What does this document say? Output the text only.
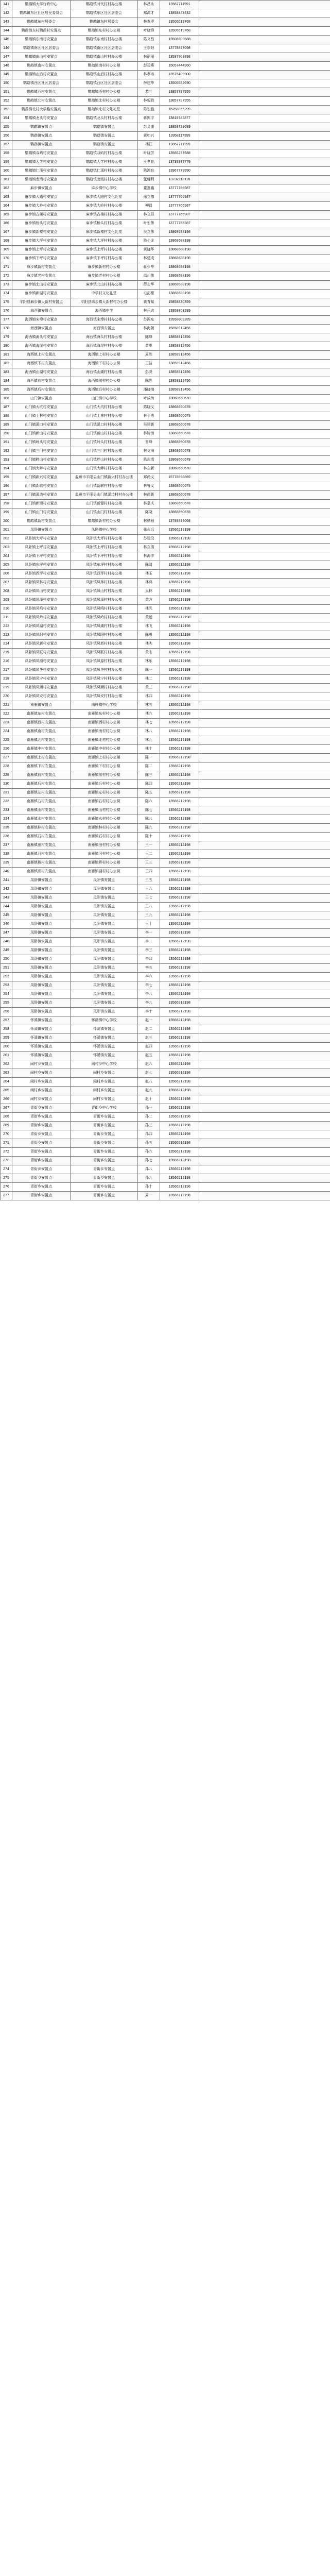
141	鹦鹉镇大学行政中心	鹦鹉镇时代村村办公楼	林昌永	13567711991	
142	鹦鹉镇东区社区居民委员会	鹦鹉镇东区社区居委会	郑鸿才	13858843432	
143	鹦鹉镇东村居委会	鹦鹉镇东村居委会	林寿罗	13506619768	
144	鹦鹉镇东村鹦鹉村安置点	鹦鹉镇东村村办公楼	叶晓锋	13506619768	
145	鹦鹉镇东南村安置点	鹦鹉镇东南村村办公楼	陈文昌	13506609588	
146	鹦鹉镇南区社区居委会	鹦鹉镇南区社区居委会	王崇阳	13778897098	
147	鹦鹉镇南山村安置点	鹦鹉镇南山村村办公楼	林丽丽	13587703898	
148	鹦鹉镇南村安置点	鹦鹉镇南村村办公楼	彭碧燕	15057444960	
149	鹦鹉镇山后村安置点	鹦鹉镇山后村村办公楼	林孝寿	13575409900	
150	鹦鹉镇西区社区居委会	鹦鹉镇西区社区居委会	薛建华	13506682690	
151	鹦鹉镇西村安置点	鹦鹉镇西村村办公楼	苏叶	13857797955	
152	鹦鹉镇北村安置点	鹦鹉镇北村村办公楼	林毅胜	13857797955	
153	鹦鹉镇北村大学路安置点	鹦鹉镇北村文化礼堂	陈宏胜	15258856299	
154	鹦鹉镇龙头村安置点	鹦鹉镇龙头村村办公楼	蒋振宇	13819785877	
155	鹦鹉镇安置点	鹦鹉镇安置点	苏义康	13858723689	
156	鹦鹉镇安置点	鹦鹉镇安置点	黄如兴	13958117399	
157	鹦鹉镇安置点	鹦鹉镇安置点	林江	13857711299	
158	鹦鹉镇双屿村安置点	鹦鹉镇双屿村村办公楼	叶晓芳	13566237688	
159	鹦鹉镇大学村安置点	鹦鹉镇大学村村办公楼	王孝良	13738399779	
160	鹦鹉镇仁溪村安置点	鹦鹉镇仁溪村村办公楼	陈鸿良	13967779990	
161	鹦鹉镇龙湾村安置点	鹦鹉镇龙湾村村办公楼	张耀利	13732113116	
162	麻步镇安置点	麻步镇中心学校	董惠鑫	13777766987	
163	麻步镇大路村安置点	麻步镇大路村文化礼堂	徐立德	13777766987	
164	麻步镇大岭村安置点	麻步镇大岭村村办公楼	柳昌	13777766987	
165	麻步镇古楼村安置点	麻步镇古楼村村办公楼	林立群	13777766987	
166	麻步镇桥头村安置点	麻步镇桥头村村办公楼	叶宏伟	13777766987	
167	麻步镇新楼村安置点	麻步镇新楼村文化礼堂	吴立伟	13868688198	
168	麻步镇大坪村安置点	麻步镇大坪村村办公楼	陈小龙	13868688198	
169	麻步镇上坪村安置点	麻步镇上坪村村办公楼	黄晓华	13868688198	
170	麻步镇下坪村安置点	麻步镇下坪村村办公楼	林建成	13868688198	
171	麻步镇新村安置点	麻步镇新村村办公楼	蒋少华	13868688198	
172	麻步镇老村安置点	麻步镇老村村办公楼	温川伟	13868688198	
173	麻步镇北山村安置点	麻步镇北山村村办公楼	薛志华	13868688198	
174	麻步镇新湖村安置点	中学村文化礼堂	毛甜甜	13868688198	
175	平阳县麻步镇大新村安置点	平阳县麻步镇大新村村办公楼	黄育斌	15858830359	
176	海西镇安置点	海西镇中学	林乐志	13958803289	
177	海西镇宋埠村安置点	海西镇宋埠村村办公楼	苏振东	13958803289	
178	海西镇安置点	海西镇安置点	林海朝	15858912456	
179	海西镇海头村安置点	海西镇海头村村办公楼	陈峰	13858912456	
180	海西镇海尾村安置点	海西镇海尾村村办公楼	黄惠	13858912456	
181	海西镇上村安置点	海西镇上村村办公楼	周胜	13858912456	
182	海西镇下村安置点	海西镇下村村办公楼	王洁	13858912456	
183	海西镇山湖村安置点	海西镇山湖村村办公楼	彭尧	13858912456	
184	海西镇前村安置点	海西镇前村村办公楼	陈光	13858912456	
185	海西镇后村安置点	海西镇后村村办公楼	潘晓海	13858912456	
186	山门镇安置点	山门镇中心学校	叶成海	13868660678	
187	山门镇大坑村安置点	山门镇大坑村村办公楼	陈晓义	13868660678	
188	山门镇上林村安置点	山门镇上林村村办公楼	林小勇	13868660678	
189	山门镇溪口村安置点	山门镇溪口村村办公楼	吴建新	13868660678	
190	山门镇新山村安置点	山门镇新山村村办公楼	林陈海	13868660678	
191	山门镇岭头村安置点	山门镇岭头村村办公楼	曾峰	13868660678	
192	山门镇三门村安置点	山门镇三门村村办公楼	林文海	13868660678	
193	山门镇畔山村安置点	山门镇畔山村村办公楼	陈志清	13868660678	
194	山门镇大畔村安置点	山门镇大畔村村办公楼	林立新	13868660678	
195	山门镇新兴村安置点	温州市平阳县山门镇新兴村村办公楼	郑尚义	15778898869	
196	山门镇新联村安置点	山门镇新联村村办公楼	林鲁义	13868660678	
197	山门镇溪边村安置点	温州市平阳县山门镇溪边村村办公楼	林尚新	13868660678	
198	山门镇新源村安置点	山门镇新源村村办公楼	林嘉庆	13868660678	
199	山门镇山门村安置点	山门镇山门村村办公楼	陈晓	13868660678	
200	鹦鹉镇新村安置点	鹦鹉镇新村村办公楼	林鹏程	13788899068	
201	凤卧镇安置点	凤卧镇中心学校	张永远	13566212198	
202	凤卧镇大坪村安置点	凤卧镇大坪村村办公楼	苏建设	13566212198	
203	凤卧镇上坪村安置点	凤卧镇上坪村村办公楼	林立清	13566212198	
204	凤卧镇下坪村安置点	凤卧镇下坪村村办公楼	林海洋	13566212198	
205	凤卧镇东坪村安置点	凤卧镇东坪村村办公楼	陈清	13566212198	
206	凤卧镇西坪村安置点	凤卧镇西坪村村办公楼	林玉	13566212198	
207	凤卧镇凤林村安置点	凤卧镇凤林村村办公楼	林鸿	13566212198	
208	凤卧镇凤山村安置点	凤卧镇凤山村村办公楼	吴林	13566212198	
209	凤卧镇凤溪村安置点	凤卧镇凤溪村村办公楼	黄方	13566212198	
210	凤卧镇凤鸣村安置点	凤卧镇凤鸣村村办公楼	林光	13566212198	
211	凤卧镇凤岭村安置点	凤卧镇凤岭村村办公楼	黄远	13566212198	
212	凤卧镇凤湖村安置点	凤卧镇凤湖村村办公楼	林飞	13566212198	
213	凤卧镇凤阳村安置点	凤卧镇凤阳村村办公楼	陈勇	13566212198	
214	凤卧镇凤新村安置点	凤卧镇凤新村村办公楼	林杰	13566212198	
215	凤卧镇凤联村安置点	凤卧镇凤联村村办公楼	黄志	13566212198	
216	凤卧镇凤源村安置点	凤卧镇凤源村村办公楼	林乐	13566212198	
217	凤卧镇凤华村安置点	凤卧镇凤华村村办公楼	陈一	13566212198	
218	凤卧镇凤宁村安置点	凤卧镇凤宁村村办公楼	林二	13566212198	
219	凤卧镇凤顺村安置点	凤卧镇凤顺村村办公楼	黄三	13566212198	
220	凤卧镇凤安村安置点	凤卧镇凤安村村办公楼	林四	13566212198	
221	南雁镇安置点	南雁镇中心学校	林五	13566212198	
222	南雁镇东村安置点	南雁镇东村村办公楼	林六	13566212198	
223	南雁镇西村安置点	南雁镇西村村办公楼	林七	13566212198	
224	南雁镇南村安置点	南雁镇南村村办公楼	林八	13566212198	
225	南雁镇北村安置点	南雁镇北村村办公楼	林九	13566212198	
226	南雁镇中村安置点	南雁镇中村村办公楼	林十	13566212198	
227	南雁镇上村安置点	南雁镇上村村办公楼	陈一	13566212198	
228	南雁镇下村安置点	南雁镇下村村办公楼	陈二	13566212198	
229	南雁镇前村安置点	南雁镇前村村办公楼	陈三	13566212198	
230	南雁镇后村安置点	南雁镇后村村办公楼	陈四	13566212198	
231	南雁镇左村安置点	南雁镇左村村办公楼	陈五	13566212198	
232	南雁镇右村安置点	南雁镇右村村办公楼	陈六	13566212198	
233	南雁镇山村安置点	南雁镇山村村办公楼	陈七	13566212198	
234	南雁镇水村安置点	南雁镇水村村办公楼	陈八	13566212198	
235	南雁镇林村安置点	南雁镇林村村办公楼	陈九	13566212198	
236	南雁镇石村安置点	南雁镇石村村办公楼	陈十	13566212198	
237	南雁镇田村安置点	南雁镇田村村办公楼	王一	13566212198	
238	南雁镇河村安置点	南雁镇河村村办公楼	王二	13566212198	
239	南雁镇桥村安置点	南雁镇桥村村办公楼	王三	13566212198	
240	南雁镇湖村安置点	南雁镇湖村村办公楼	王四	13566212198	
241	凤卧镇安置点	凤卧镇安置点	王五	13566212198	
242	凤卧镇安置点	凤卧镇安置点	王六	13566212198	
243	凤卧镇安置点	凤卧镇安置点	王七	13566212198	
244	凤卧镇安置点	凤卧镇安置点	王八	13566212198	
245	凤卧镇安置点	凤卧镇安置点	王九	13566212198	
246	凤卧镇安置点	凤卧镇安置点	王十	13566212198	
247	凤卧镇安置点	凤卧镇安置点	李一	13566212198	
248	凤卧镇安置点	凤卧镇安置点	李二	13566212198	
249	凤卧镇安置点	凤卧镇安置点	李三	13566212198	
250	凤卧镇安置点	凤卧镇安置点	李四	13566212198	
251	凤卧镇安置点	凤卧镇安置点	李五	13566212198	
252	凤卧镇安置点	凤卧镇安置点	李六	13566212198	
253	凤卧镇安置点	凤卧镇安置点	李七	13566212198	
254	凤卧镇安置点	凤卧镇安置点	李八	13566212198	
255	凤卧镇安置点	凤卧镇安置点	李九	13566212198	
256	凤卧镇安置点	凤卧镇安置点	李十	13566212198	
257	怀溪镇安置点	怀溪镇中心学校	赵一	13566212198	
258	怀溪镇安置点	怀溪镇安置点	赵二	13566212198	
259	怀溪镇安置点	怀溪镇安置点	赵三	13566212198	
260	怀溪镇安置点	怀溪镇安置点	赵四	13566212198	
261	怀溪镇安置点	怀溪镇安置点	赵五	13566212198	
262	闹村乡安置点	闹村乡中心学校	赵六	13566212198	
263	闹村乡安置点	闹村乡安置点	赵七	13566212198	
264	闹村乡安置点	闹村乡安置点	赵八	13566212198	
265	闹村乡安置点	闹村乡安置点	赵九	13566212198	
266	闹村乡安置点	闹村乡安置点	赵十	13566212198	
267	青街乡安置点	青街乡中心学校	孙一	13566212198	
268	青街乡安置点	青街乡安置点	孙二	13566212198	
269	青街乡安置点	青街乡安置点	孙三	13566212198	
270	青街乡安置点	青街乡安置点	孙四	13566212198	
271	青街乡安置点	青街乡安置点	孙五	13566212198	
272	青街乡安置点	青街乡安置点	孙六	13566212198	
273	青街乡安置点	青街乡安置点	孙七	13566212198	
274	青街乡安置点	青街乡安置点	孙八	13566212198	
275	青街乡安置点	青街乡安置点	孙九	13566212198	
276	青街乡安置点	青街乡安置点	孙十	13566212198	
277	青街乡安置点	青街乡安置点	周一	13566212198	
